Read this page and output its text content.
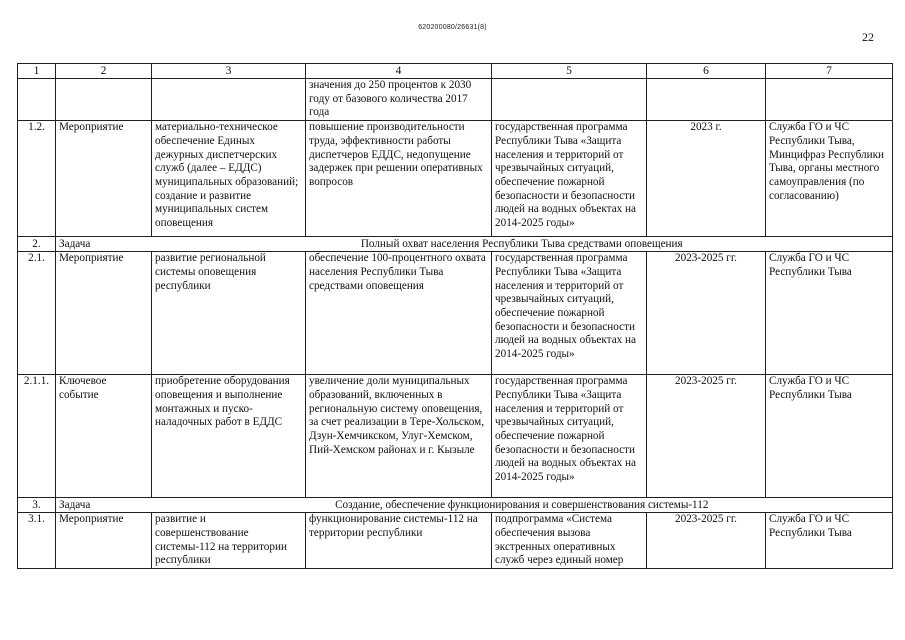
620200080/26631(8)
22
1	2	3	4	5	6	7
			значения до 250 процентов к 2030 году от базового количества 2017 года			
1.2.	Мероприятие	материально-техническое обеспечение Единых дежурных диспетчерских служб (далее – ЕДДС) муниципальных образований; создание и развитие муниципальных систем оповещения	повышение производительности труда, эффективности работы диспетчеров ЕДДС, недопущение задержек при решении оперативных вопросов	государственная программа Республики Тыва «Защита населения и территорий от чрезвычайных ситуаций, обеспечение пожарной безопасности и безопасности людей на водных объектах на 2014-2025 годы»	2023 г.	Служба ГО и ЧС Республики Тыва, Минцифраз Республики Тыва, органы местного самоуправления (по согласованию)
2.	Задача	Полный охват населения Республики Тыва средствами оповещения				
2.1.	Мероприятие	развитие региональной системы оповещения республики	обеспечение 100-процентного охвата населения Республики Тыва средствами оповещения	государственная программа Республики Тыва «Защита населения и территорий от чрезвычайных ситуаций, обеспечение пожарной безопасности и безопасности людей на водных объектах на 2014-2025 годы»	2023-2025 гг.	Служба ГО и ЧС Республики Тыва
2.1.1.	Ключевое событие	приобретение оборудования оповещения и выполнение монтажных и пуско-наладочных работ в ЕДДС	увеличение доли муниципальных образований, включенных в региональную систему оповещения, за счет реализации в Тере-Хольском, Дзун-Хемчикском, Улуг-Хемском, Пий-Хемском районах и г. Кызыле	государственная программа Республики Тыва «Защита населения и территорий от чрезвычайных ситуаций, обеспечение пожарной безопасности и безопасности людей на водных объектах на 2014-2025 годы»	2023-2025 гг.	Служба ГО и ЧС Республики Тыва
3.	Задача	Создание, обеспечение функционирования и совершенствования системы-112				
3.1.	Мероприятие	развитие и совершенствование системы-112 на территории республики	функционирование системы-112 на территории республики	подпрограмма «Система обеспечения вызова экстренных оперативных служб через единый номер	2023-2025 гг.	Служба ГО и ЧС Республики Тыва
